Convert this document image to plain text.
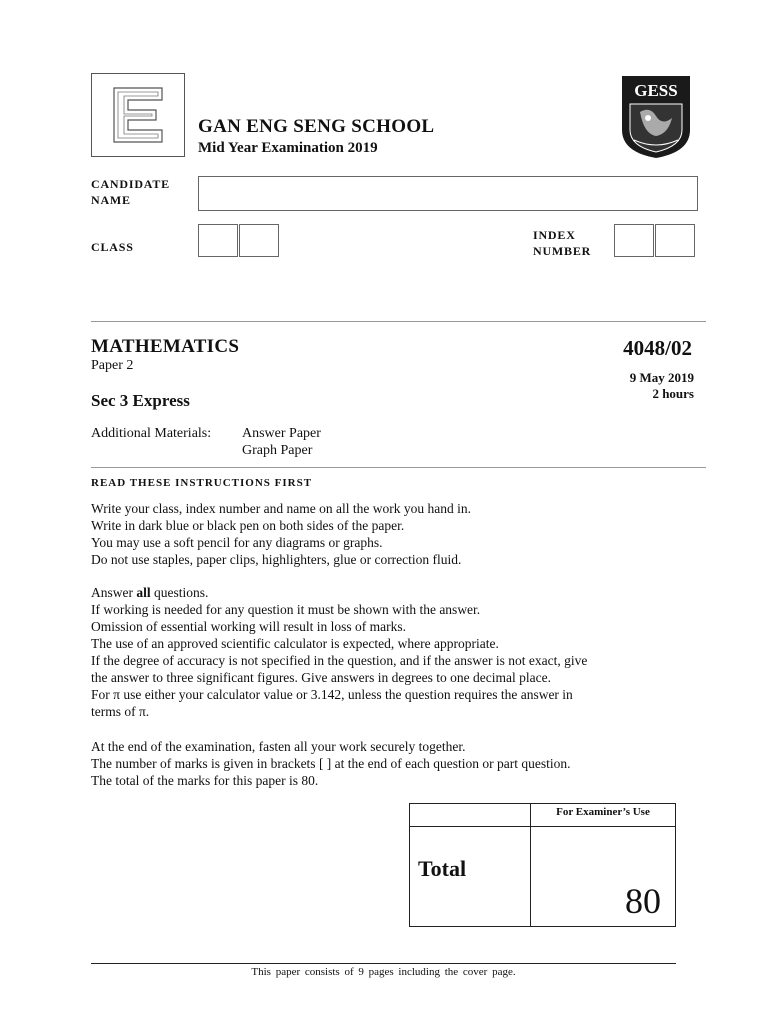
GAN ENG SENG SCHOOL
Mid Year Examination 2019
GESS
CANDIDATE
NAME
CLASS
INDEX
NUMBER
MATHEMATICS	4048/02
Paper 2
9 May 2019
2 hours
Sec 3 Express
Additional Materials: Answer Paper
Graph Paper
READ THESE INSTRUCTIONS FIRST
Write your class, index number and name on all the work you hand in.
Write in dark blue or black pen on both sides of the paper.
You may use a soft pencil for any diagrams or graphs.
Do not use staples, paper clips, highlighters, glue or correction fluid.
Answer all questions.
If working is needed for any question it must be shown with the answer.
Omission of essential working will result in loss of marks.
The use of an approved scientific calculator is expected, where appropriate.
If the degree of accuracy is not specified in the question, and if the answer is not exact, give
the answer to three significant figures. Give answers in degrees to one decimal place.
For π use either your calculator value or 3.142, unless the question requires the answer in
terms of π.
At the end of the examination, fasten all your work securely together.
The number of marks is given in brackets [ ] at the end of each question or part question.
The total of the marks for this paper is 80.
For Examiner’s Use
Total
80
This paper consists of 9 pages including the cover page.
